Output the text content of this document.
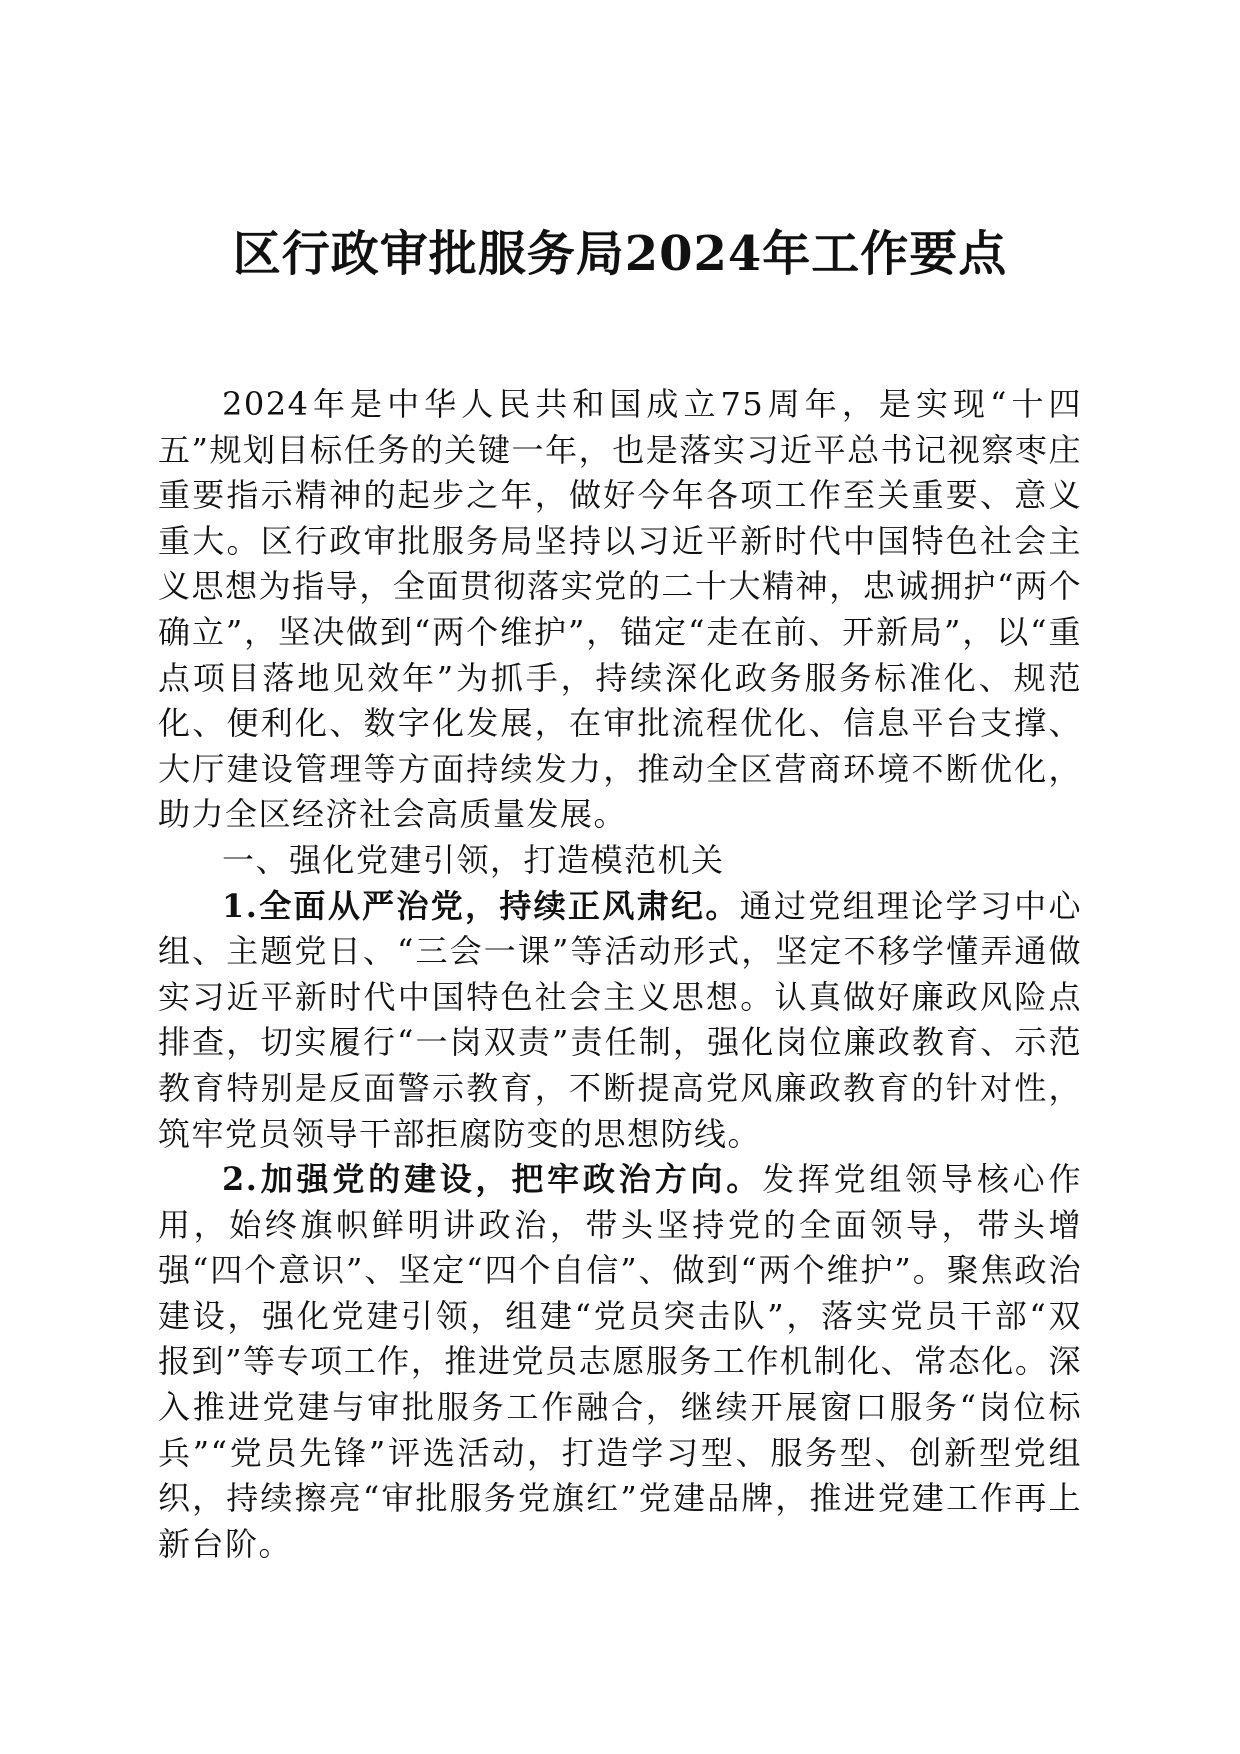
区行政审批服务局2024年工作要点

2024年是中华人民共和国成立75周年，是实现“十四五”规划目标任务的关键一年，也是落实习近平总书记视察枣庄重要指示精神的起步之年，做好今年各项工作至关重要、意义重大。区行政审批服务局坚持以习近平新时代中国特色社会主义思想为指导，全面贯彻落实党的二十大精神，忠诚拥护“两个确立”，坚决做到“两个维护”，锚定“走在前、开新局”，以“重点项目落地见效年”为抓手，持续深化政务服务标准化、规范化、便利化、数字化发展，在审批流程优化、信息平台支撑、大厅建设管理等方面持续发力，推动全区营商环境不断优化，助力全区经济社会高质量发展。

一、强化党建引领，打造模范机关

1.全面从严治党，持续正风肃纪。通过党组理论学习中心组、主题党日、“三会一课”等活动形式，坚定不移学懂弄通做实习近平新时代中国特色社会主义思想。认真做好廉政风险点排查，切实履行“一岗双责”责任制，强化岗位廉政教育、示范教育特别是反面警示教育，不断提高党风廉政教育的针对性，筑牢党员领导干部拒腐防变的思想防线。

2.加强党的建设，把牢政治方向。发挥党组领导核心作用，始终旗帜鲜明讲政治，带头坚持党的全面领导，带头增强“四个意识”、坚定“四个自信”、做到“两个维护”。聚焦政治建设，强化党建引领，组建“党员突击队”，落实党员干部“双报到”等专项工作，推进党员志愿服务工作机制化、常态化。深入推进党建与审批服务工作融合，继续开展窗口服务“岗位标兵”“党员先锋”评选活动，打造学习型、服务型、创新型党组织，持续擦亮“审批服务党旗红”党建品牌，推进党建工作再上新台阶。
